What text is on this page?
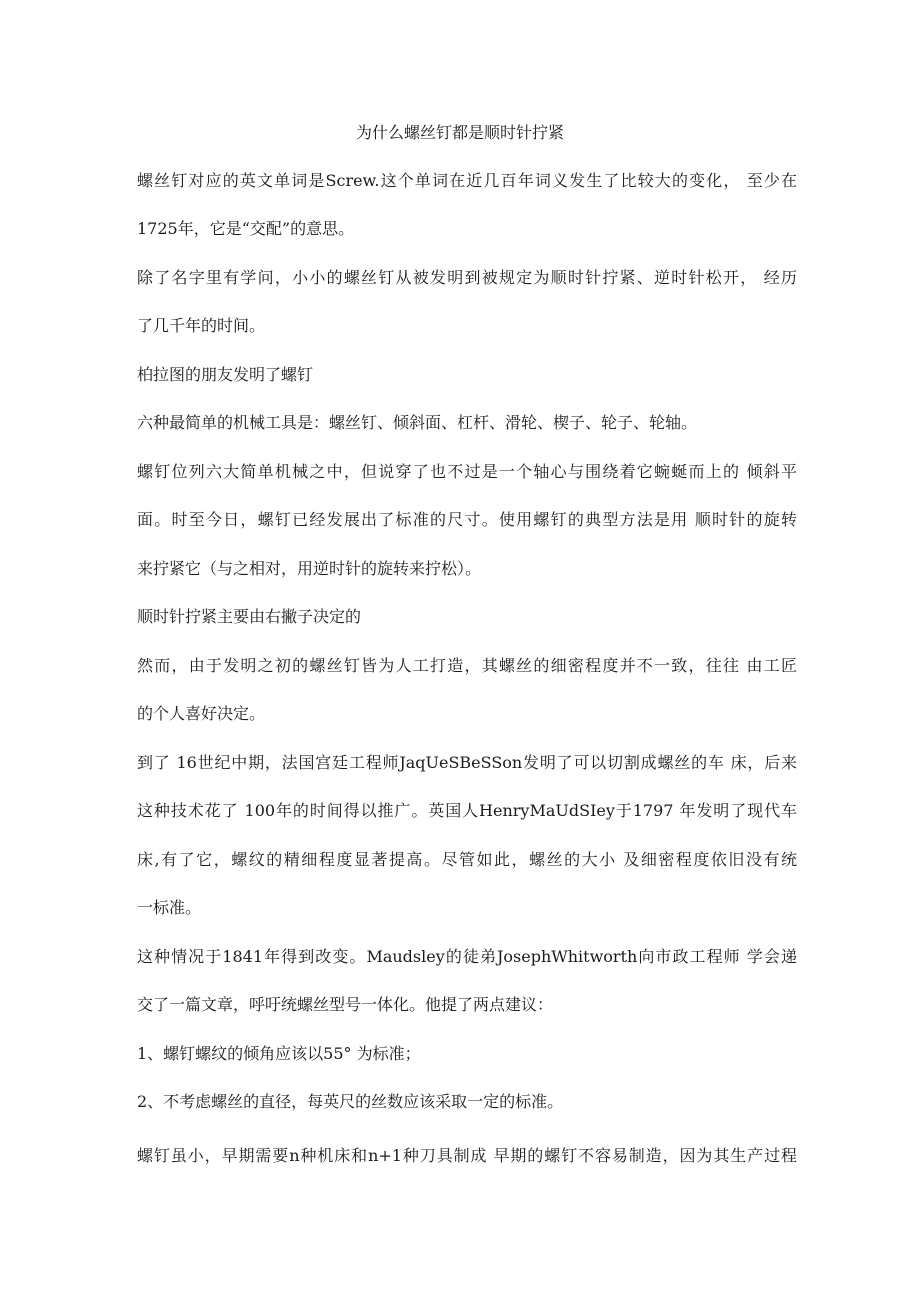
为什么螺丝钉都是顺时针拧紧
螺丝钉对应的英文单词是Screw.这个单词在近几百年词义发生了比较大的变化， 至少在
1725年，它是“交配”的意思。
除了名字里有学问，小小的螺丝钉从被发明到被规定为顺时针拧紧、逆时针松开， 经历
了几千年的时间。
柏拉图的朋友发明了螺钉
六种最简单的机械工具是：螺丝钉、倾斜面、杠杆、滑轮、楔子、轮子、轮轴。
螺钉位列六大简单机械之中，但说穿了也不过是一个轴心与围绕着它蜿蜒而上的 倾斜平
面。时至今日，螺钉已经发展出了标准的尺寸。使用螺钉的典型方法是用 顺时针的旋转
来拧紧它（与之相对，用逆时针的旋转来拧松）。
顺时针拧紧主要由右撇子决定的
然而，由于发明之初的螺丝钉皆为人工打造，其螺丝的细密程度并不一致，往往 由工匠
的个人喜好决定。
到了 16世纪中期，法国宫廷工程师JaqUeSBeSSon发明了可以切割成螺丝的车 床，后来
这种技术花了 100年的时间得以推广。英国人HenryMaUdSIey于1797 年发明了现代车
床,有了它，螺纹的精细程度显著提高。尽管如此，螺丝的大小 及细密程度依旧没有统
一标准。
这种情况于1841年得到改变。Maudsley的徒弟JosephWhitworth向市政工程师 学会递
交了一篇文章，呼吁统螺丝型号一体化。他提了两点建议：
1、螺钉螺纹的倾角应该以55° 为标准；
2、不考虑螺丝的直径，每英尺的丝数应该采取一定的标准。
螺钉虽小，早期需要n种机床和n+1种刀具制成 早期的螺钉不容易制造，因为其生产过程
